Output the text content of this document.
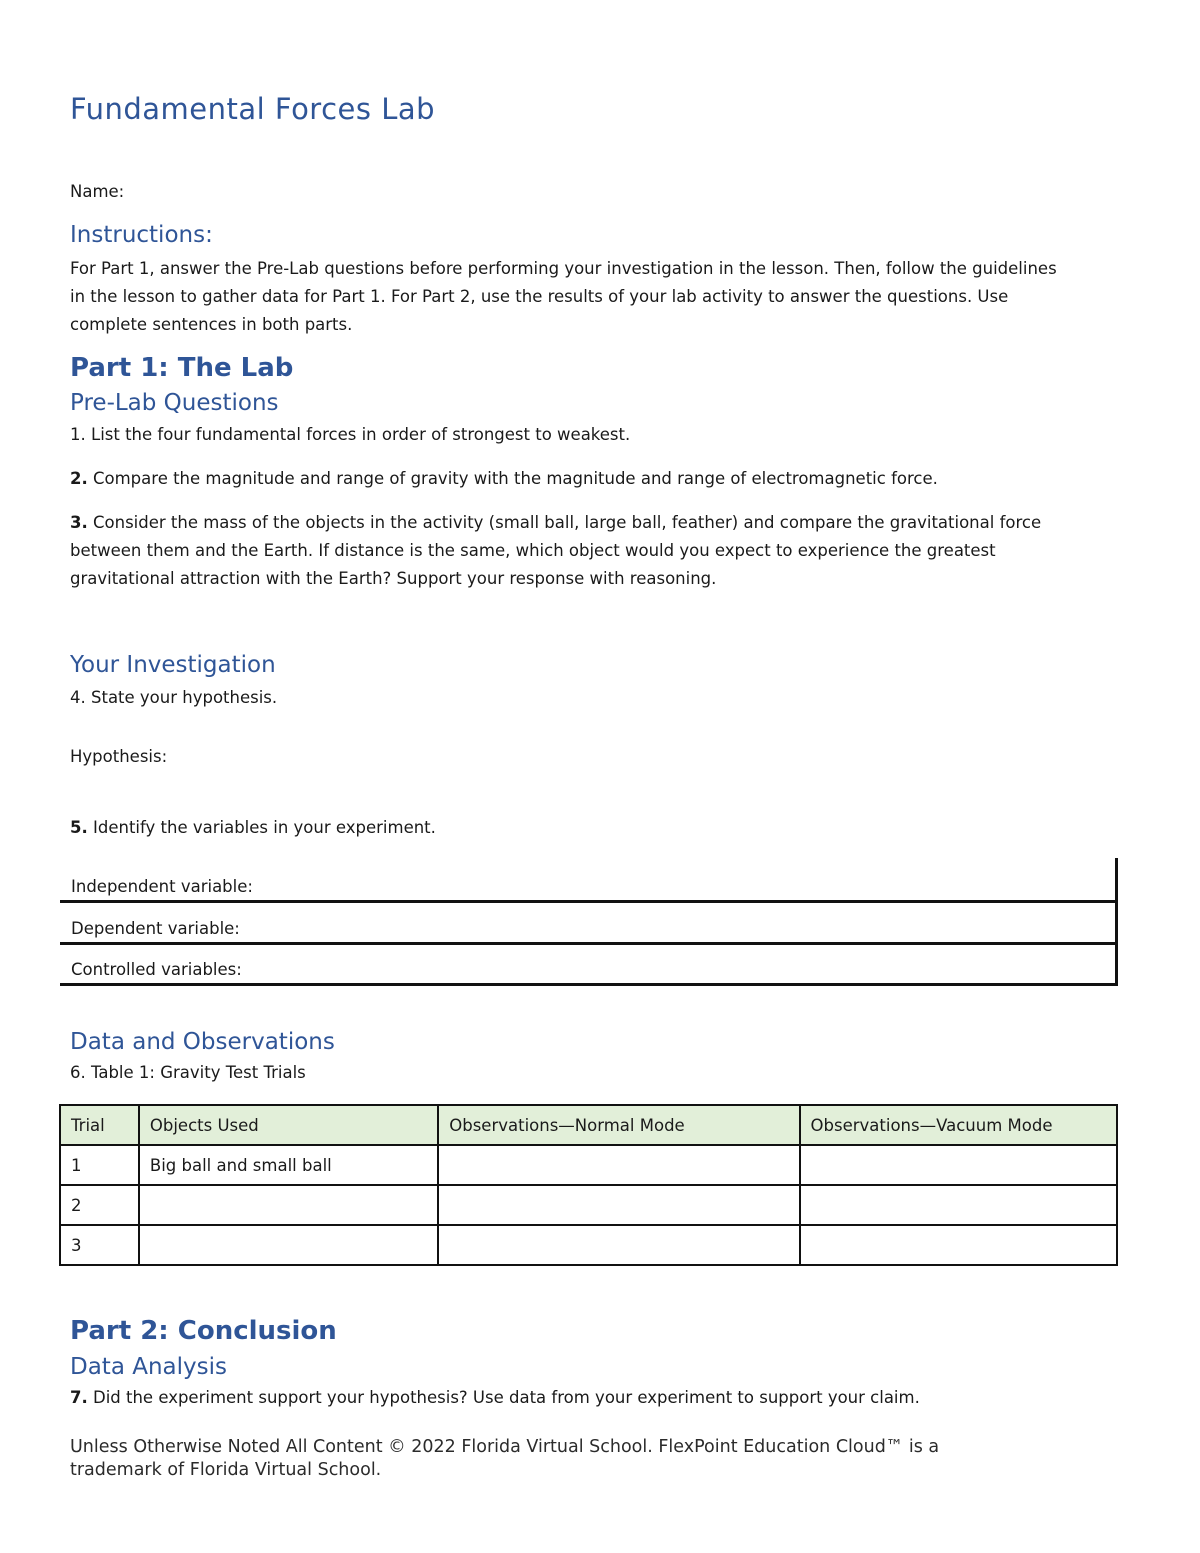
Fundamental Forces Lab
Name:
Instructions:
For Part 1, answer the Pre-Lab questions before performing your investigation in the lesson. Then, follow the guidelines
in the lesson to gather data for Part 1. For Part 2, use the results of your lab activity to answer the questions. Use
complete sentences in both parts.
Part 1: The Lab
Pre-Lab Questions
1. List the four fundamental forces in order of strongest to weakest.
2. Compare the magnitude and range of gravity with the magnitude and range of electromagnetic force.
3. Consider the mass of the objects in the activity (small ball, large ball, feather) and compare the gravitational force
between them and the Earth. If distance is the same, which object would you expect to experience the greatest
gravitational attraction with the Earth? Support your response with reasoning.
Your Investigation
4. State your hypothesis.
Hypothesis:
5. Identify the variables in your experiment.
Independent variable:
Dependent variable:
Controlled variables:
Data and Observations
6. Table 1: Gravity Test Trials
Trial	Objects Used	Observations—Normal Mode	Observations—Vacuum Mode
1	Big ball and small ball		
2			
3			
Part 2: Conclusion
Data Analysis
7. Did the experiment support your hypothesis? Use data from your experiment to support your claim.
Unless Otherwise Noted All Content © 2022 Florida Virtual School. FlexPoint Education Cloud™ is a
trademark of Florida Virtual School.
